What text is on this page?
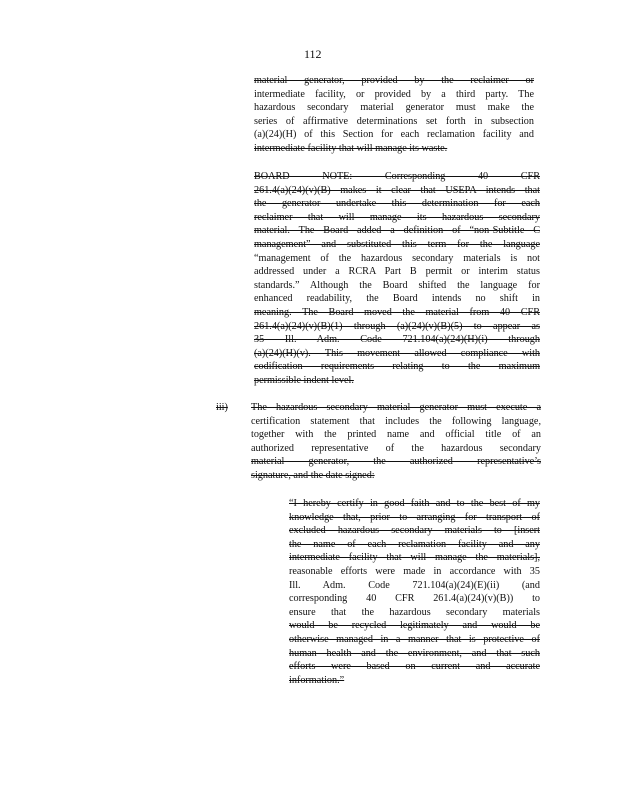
112
material generator, provided by the reclaimer or
intermediate facility, or provided by a third party. The
hazardous secondary material generator must make the
series of affirmative determinations set forth in subsection
(a)(24)(H) of this Section for each reclamation facility and
intermediate facility that will manage its waste.
BOARD NOTE: Corresponding 40 CFR
261.4(a)(24)(v)(B) makes it clear that USEPA intends that
the generator undertake this determination for each
reclaimer that will manage its hazardous secondary
material. The Board added a definition of “non-Subtitle C
management” and substituted this term for the language
“management of the hazardous secondary materials is not
addressed under a RCRA Part B permit or interim status
standards.” Although the Board shifted the language for
enhanced readability, the Board intends no shift in
meaning. The Board moved the material from 40 CFR
261.4(a)(24)(v)(B)(1) through (a)(24)(v)(B)(5) to appear as
35 Ill. Adm. Code 721.104(a)(24)(H)(i) through
(a)(24)(H)(v). This movement allowed compliance with
codification requirements relating to the maximum
permissible indent level.
iii) The hazardous secondary material generator must execute a
certification statement that includes the following language,
together with the printed name and official title of an
authorized representative of the hazardous secondary
material generator, the authorized representative’s
signature, and the date signed:
“I hereby certify in good faith and to the best of my
knowledge that, prior to arranging for transport of
excluded hazardous secondary materials to [insert
the name of each reclamation facility and any
intermediate facility that will manage the materials],
reasonable efforts were made in accordance with 35
Ill. Adm. Code 721.104(a)(24)(E)(ii) (and
corresponding 40 CFR 261.4(a)(24)(v)(B)) to
ensure that the hazardous secondary materials
would be recycled legitimately and would be
otherwise managed in a manner that is protective of
human health and the environment, and that such
efforts were based on current and accurate
information.”
